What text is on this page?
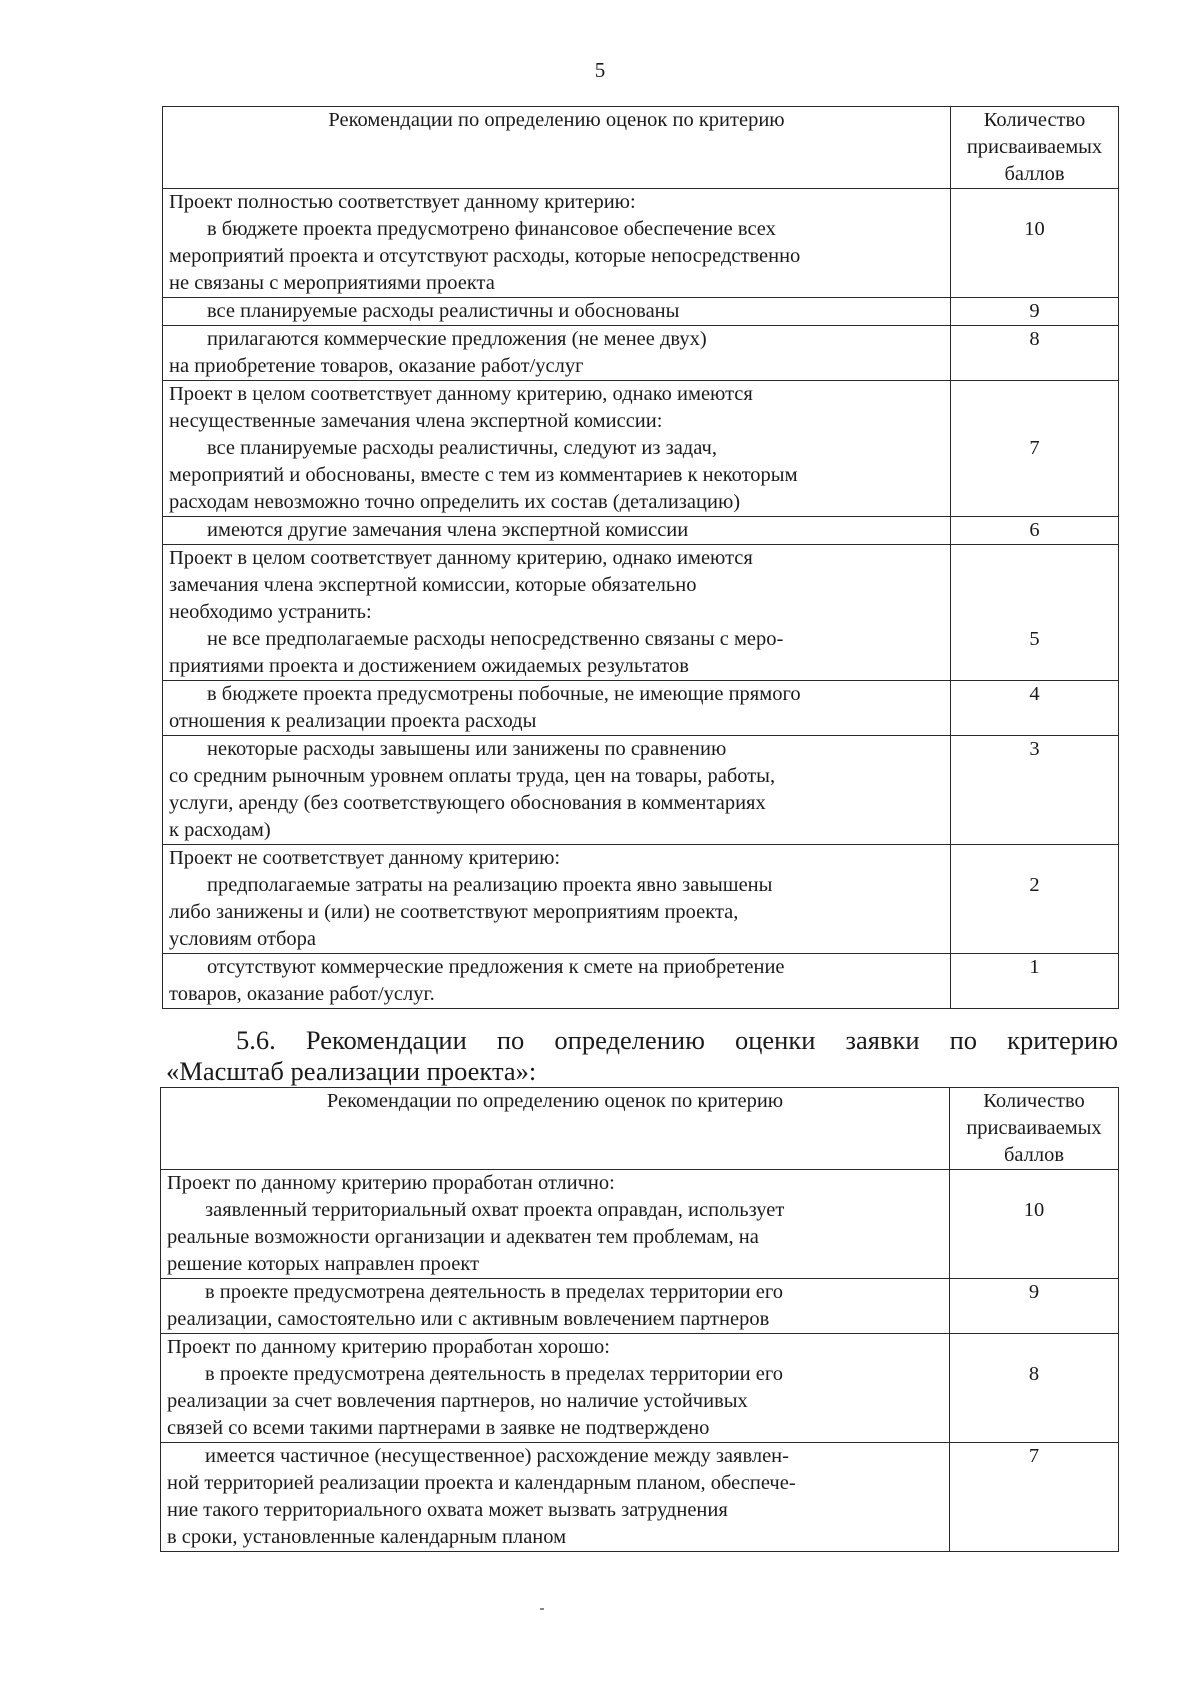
5
Рекомендации по определению оценок по критерию	Количество
присваиваемых
баллов

Проект полностью соответствует данному критерию:
в бюджете проекта предусмотрено финансовое обеспечение всех
мероприятий проекта и отсутствуют расходы, которые непосредственно
не связаны с мероприятиями проекта	10

все планируемые расходы реалистичны и обоснованы	9

прилагаются коммерческие предложения (не менее двух)
на приобретение товаров, оказание работ/услуг	8

Проект в целом соответствует данному критерию, однако имеются
несущественные замечания члена экспертной комиссии:
все планируемые расходы реалистичны, следуют из задач,
мероприятий и обоснованы, вместе с тем из комментариев к некоторым
расходам невозможно точно определить их состав (детализацию)	7

имеются другие замечания члена экспертной комиссии	6

Проект в целом соответствует данному критерию, однако имеются
замечания члена экспертной комиссии, которые обязательно
необходимо устранить:
не все предполагаемые расходы непосредственно связаны с меро-
приятиями проекта и достижением ожидаемых результатов	5

в бюджете проекта предусмотрены побочные, не имеющие прямого
отношения к реализации проекта расходы	4

некоторые расходы завышены или занижены по сравнению
со средним рыночным уровнем оплаты труда, цен на товары, работы,
услуги, аренду (без соответствующего обоснования в комментариях
к расходам)	3

Проект не соответствует данному критерию:
предполагаемые затраты на реализацию проекта явно завышены
либо занижены и (или) не соответствуют мероприятиям проекта,
условиям отбора	2

отсутствуют коммерческие предложения к смете на приобретение
товаров, оказание работ/услуг.	1
5.6. Рекомендации по определению оценки заявки по критерию
«Масштаб реализации проекта»:
Рекомендации по определению оценок по критерию	Количество
присваиваемых
баллов

Проект по данному критерию проработан отлично:
заявленный территориальный охват проекта оправдан, использует
реальные возможности организации и адекватен тем проблемам, на
решение которых направлен проект	10

в проекте предусмотрена деятельность в пределах территории его
реализации, самостоятельно или с активным вовлечением партнеров	9

Проект по данному критерию проработан хорошо:
в проекте предусмотрена деятельность в пределах территории его
реализации за счет вовлечения партнеров, но наличие устойчивых
связей со всеми такими партнерами в заявке не подтверждено	8

имеется частичное (несущественное) расхождение между заявлен-
ной территорией реализации проекта и календарным планом, обеспече-
ние такого территориального охвата может вызвать затруднения
в сроки, установленные календарным планом	7
